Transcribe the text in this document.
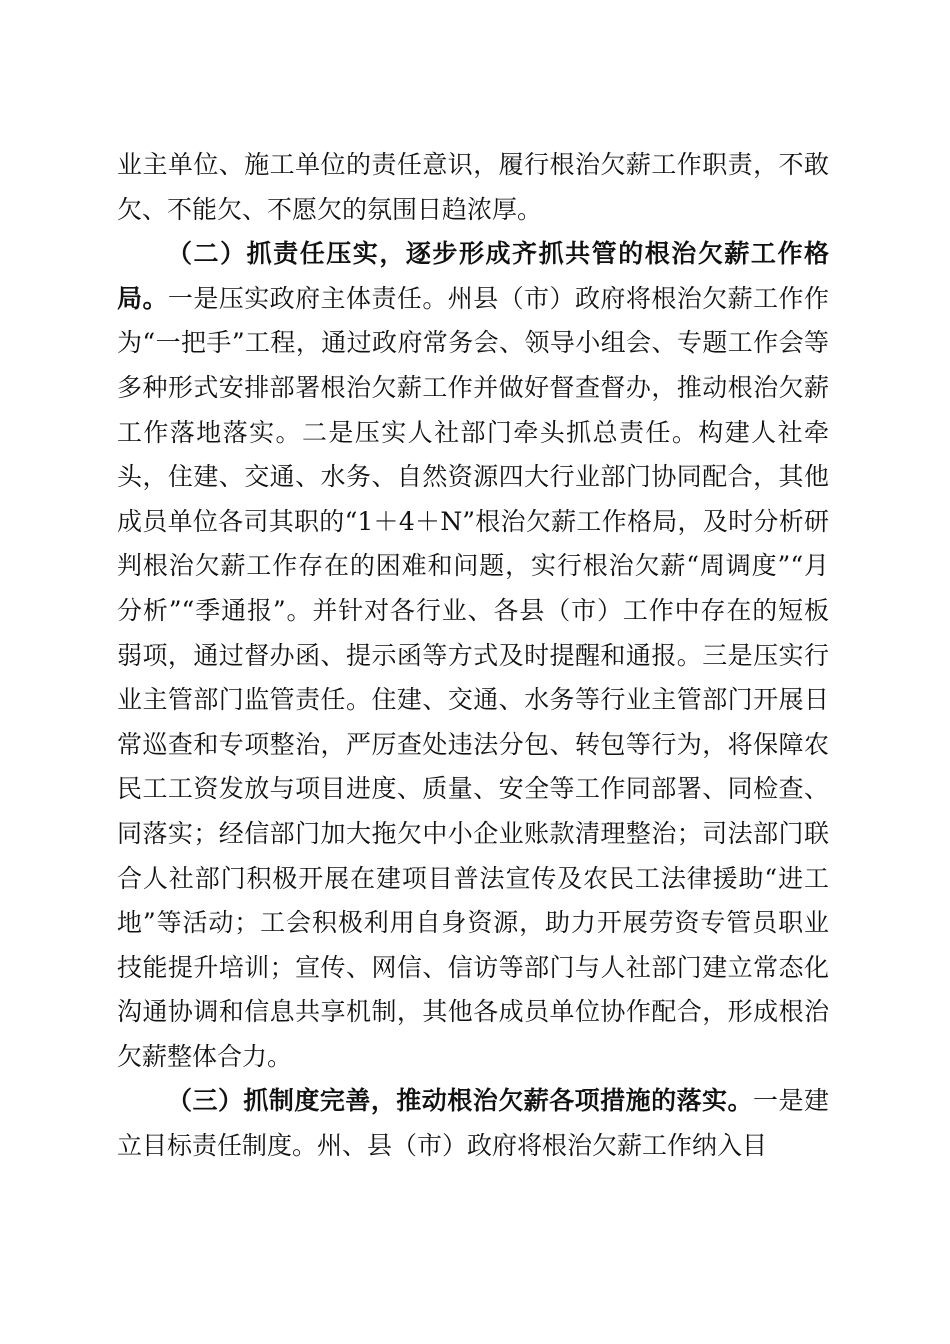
业主单位、施工单位的责任意识，履行根治欠薪工作职责，不敢欠、不能欠、不愿欠的氛围日趋浓厚。

（二）抓责任压实，逐步形成齐抓共管的根治欠薪工作格局。一是压实政府主体责任。州县（市）政府将根治欠薪工作作为“一把手”工程，通过政府常务会、领导小组会、专题工作会等多种形式安排部署根治欠薪工作并做好督查督办，推动根治欠薪工作落地落实。二是压实人社部门牵头抓总责任。构建人社牵头，住建、交通、水务、自然资源四大行业部门协同配合，其他成员单位各司其职的“1＋4＋N”根治欠薪工作格局，及时分析研判根治欠薪工作存在的困难和问题，实行根治欠薪“周调度”“月分析”“季通报”。并针对各行业、各县（市）工作中存在的短板弱项，通过督办函、提示函等方式及时提醒和通报。三是压实行业主管部门监管责任。住建、交通、水务等行业主管部门开展日常巡查和专项整治，严厉查处违法分包、转包等行为，将保障农民工工资发放与项目进度、质量、安全等工作同部署、同检查、同落实；经信部门加大拖欠中小企业账款清理整治；司法部门联合人社部门积极开展在建项目普法宣传及农民工法律援助“进工地”等活动；工会积极利用自身资源，助力开展劳资专管员职业技能提升培训；宣传、网信、信访等部门与人社部门建立常态化沟通协调和信息共享机制，其他各成员单位协作配合，形成根治欠薪整体合力。

（三）抓制度完善，推动根治欠薪各项措施的落实。一是建立目标责任制度。州、县（市）政府将根治欠薪工作纳入目
